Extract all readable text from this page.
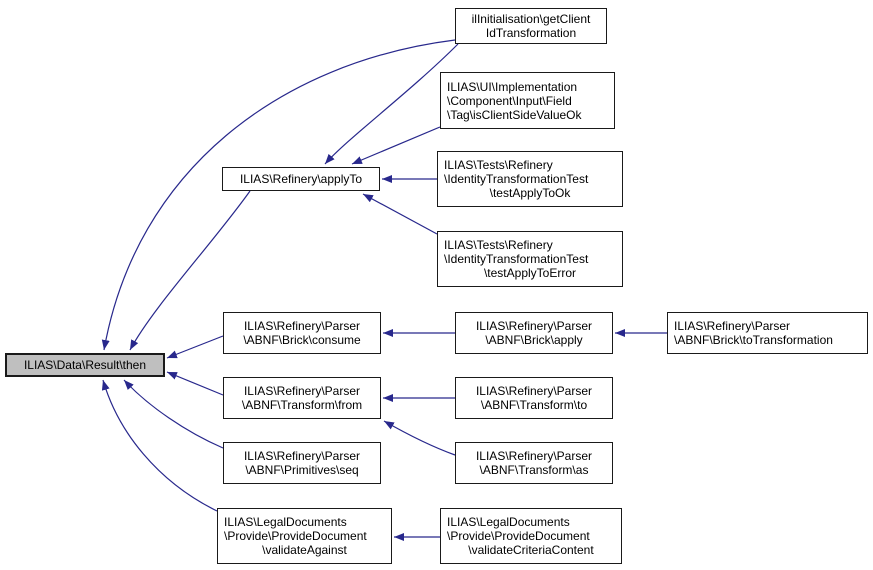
ilInitialisation\getClient
IdTransformation
ILIAS\UI\Implementation
\Component\Input\Field
\Tag\isClientSideValueOk
ILIAS\Refinery\applyTo
ILIAS\Tests\Refinery
\IdentityTransformationTest
\testApplyToOk
ILIAS\Tests\Refinery
\IdentityTransformationTest
\testApplyToError
ILIAS\Refinery\Parser
\ABNF\Brick\consume
ILIAS\Refinery\Parser
\ABNF\Brick\apply
ILIAS\Refinery\Parser
\ABNF\Brick\toTransformation
ILIAS\Data\Result\then
ILIAS\Refinery\Parser
\ABNF\Transform\from
ILIAS\Refinery\Parser
\ABNF\Transform\to
ILIAS\Refinery\Parser
\ABNF\Primitives\seq
ILIAS\Refinery\Parser
\ABNF\Transform\as
ILIAS\LegalDocuments
\Provide\ProvideDocument
\validateAgainst
ILIAS\LegalDocuments
\Provide\ProvideDocument
\validateCriteriaContent
